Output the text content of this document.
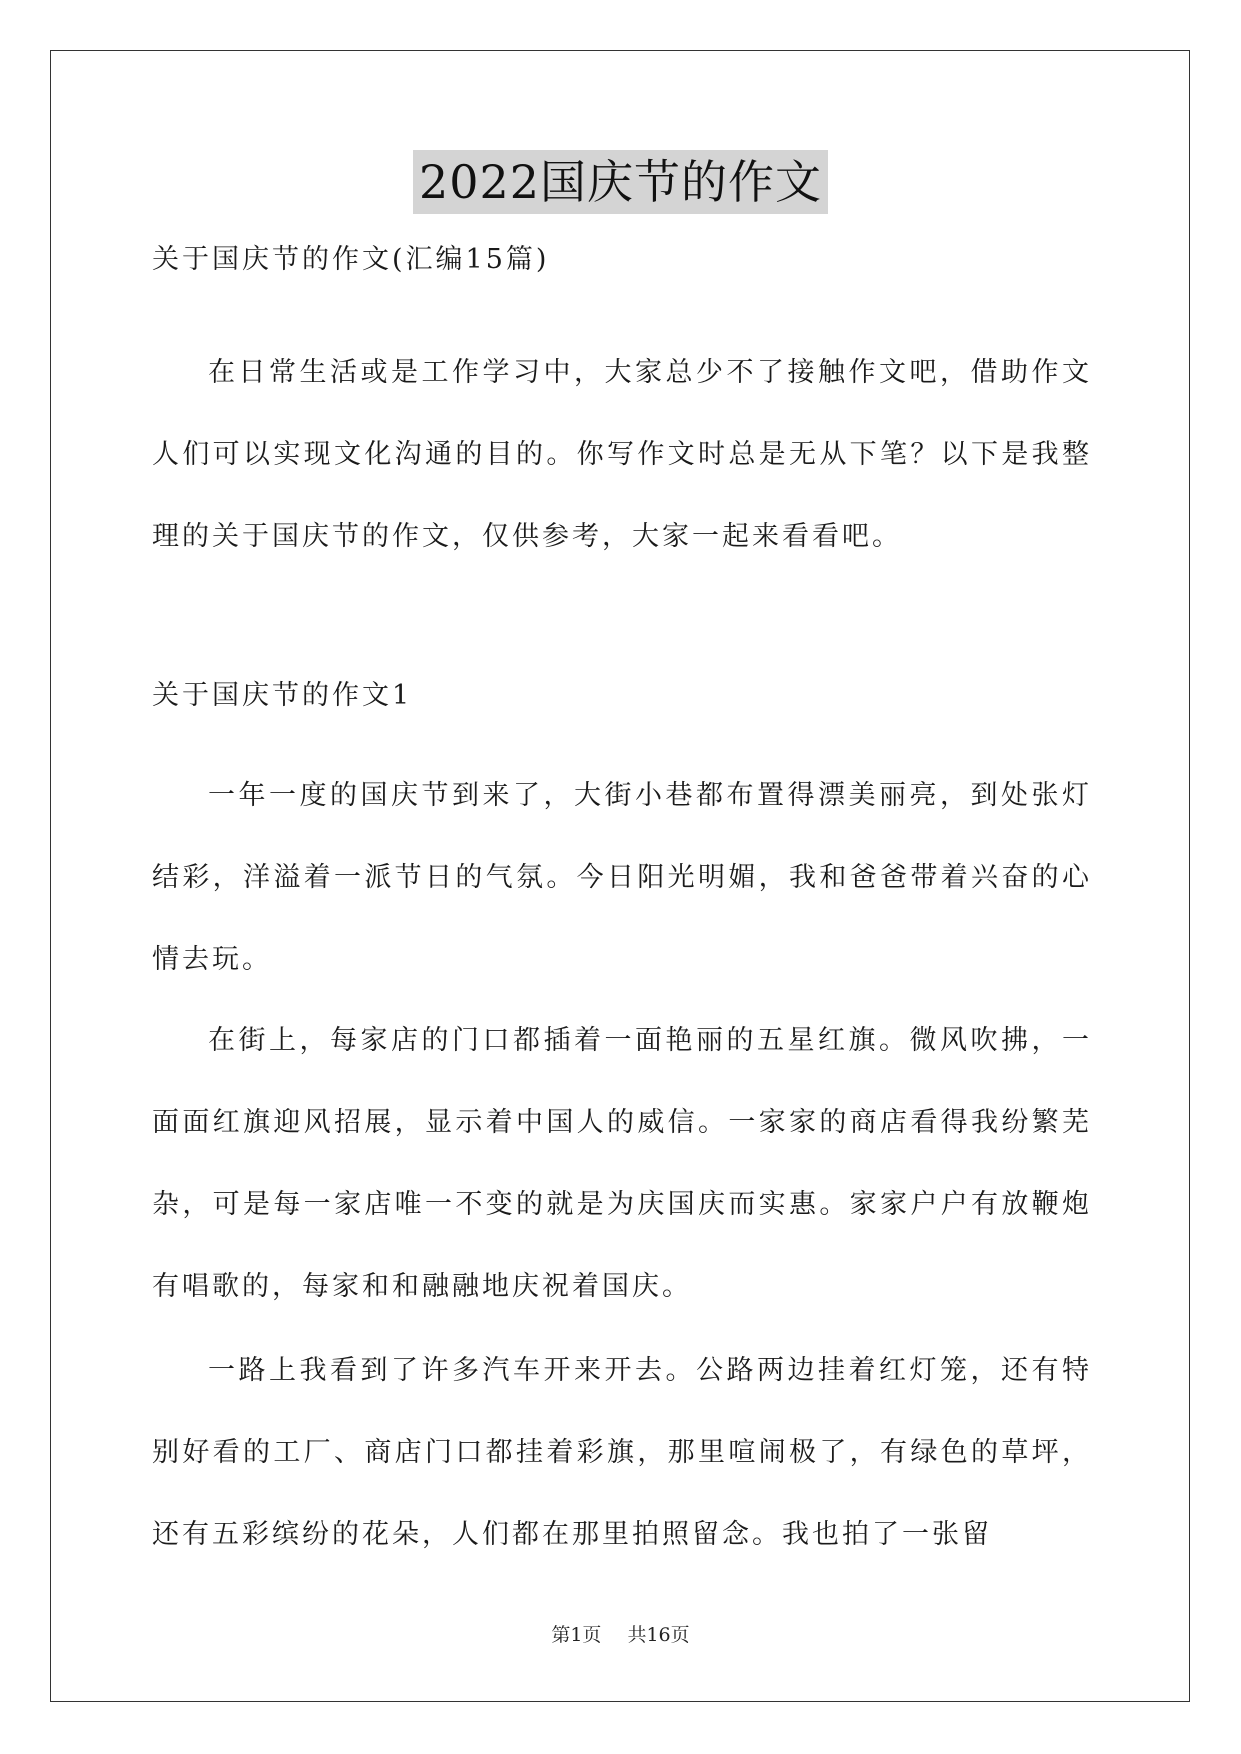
2022国庆节的作文
关于国庆节的作文(汇编15篇)

在日常生活或是工作学习中，大家总少不了接触作文吧，借助作文人们可以实现文化沟通的目的。你写作文时总是无从下笔？以下是我整理的关于国庆节的作文，仅供参考，大家一起来看看吧。

关于国庆节的作文1

一年一度的国庆节到来了，大街小巷都布置得漂美丽亮，到处张灯结彩，洋溢着一派节日的气氛。今日阳光明媚，我和爸爸带着兴奋的心情去玩。

在街上，每家店的门口都插着一面艳丽的五星红旗。微风吹拂，一面面红旗迎风招展，显示着中国人的威信。一家家的商店看得我纷繁芜杂，可是每一家店唯一不变的就是为庆国庆而实惠。家家户户有放鞭炮有唱歌的，每家和和融融地庆祝着国庆。

一路上我看到了许多汽车开来开去。公路两边挂着红灯笼，还有特别好看的工厂、商店门口都挂着彩旗，那里喧闹极了，有绿色的草坪，还有五彩缤纷的花朵，人们都在那里拍照留念。我也拍了一张留

第1页 共16页
